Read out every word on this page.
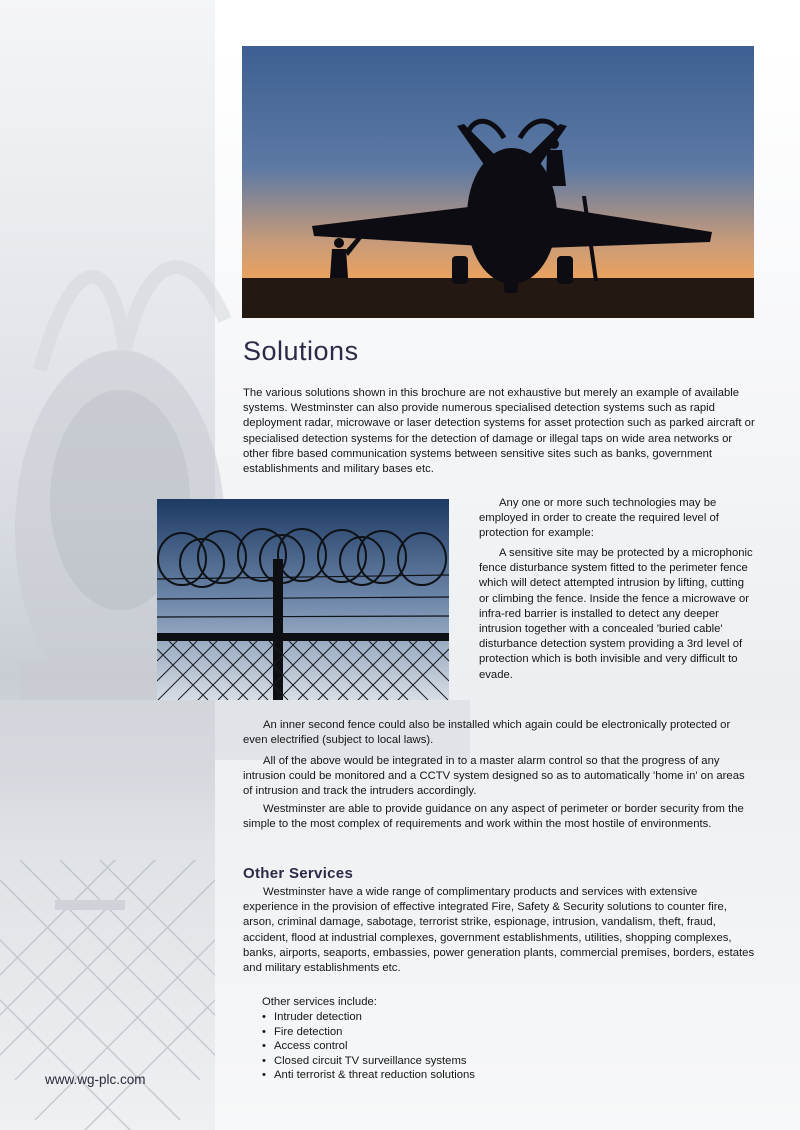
Solutions

The various solutions shown in this brochure are not exhaustive but merely an example of available systems. Westminster can also provide numerous specialised detection systems such as rapid deployment radar, microwave or laser detection systems for asset protection such as parked aircraft or specialised detection systems for the detection of damage or illegal taps on wide area networks or other fibre based communication systems between sensitive sites such as banks, government establishments and military bases etc.

Any one or more such technologies may be employed in order to create the required level of protection for example:

A sensitive site may be protected by a microphonic fence disturbance system fitted to the perimeter fence which will detect attempted intrusion by lifting, cutting or climbing the fence. Inside the fence a microwave or infra-red barrier is installed to detect any deeper intrusion together with a concealed 'buried cable' disturbance detection system providing a 3rd level of protection which is both invisible and very difficult to evade.

An inner second fence could also be installed which again could be electronically protected or even electrified (subject to local laws).

All of the above would be integrated in to a master alarm control so that the progress of any intrusion could be monitored and a CCTV system designed so as to automatically 'home in' on areas of intrusion and track the intruders accordingly.

Westminster are able to provide guidance on any aspect of perimeter or border security from the simple to the most complex of requirements and work within the most hostile of environments.

Other Services

Westminster have a wide range of complimentary products and services with extensive experience in the provision of effective integrated Fire, Safety & Security solutions to counter fire, arson, criminal damage, sabotage, terrorist strike, espionage, intrusion, vandalism, theft, fraud, accident, flood at industrial complexes, government establishments, utilities, shopping complexes, banks, airports, seaports, embassies, power generation plants, commercial premises, borders, estates and military establishments etc.

Other services include:

• Intruder detection
• Fire detection
• Access control
• Closed circuit TV surveillance systems
• Anti terrorist & threat reduction solutions

www.wg-plc.com
